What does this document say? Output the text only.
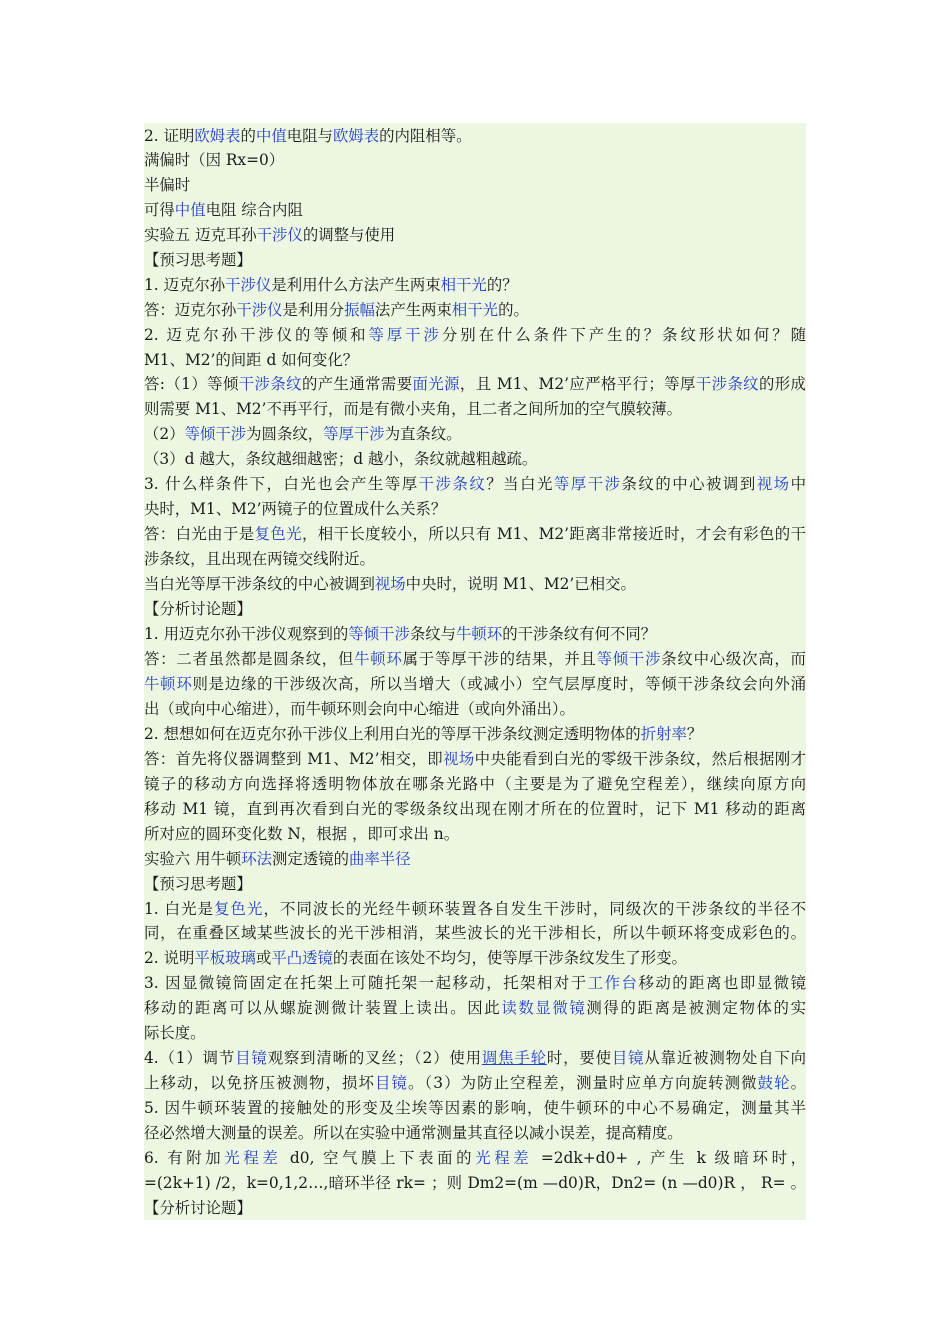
2. 证明欧姆表的中值电阻与欧姆表的内阻相等。
满偏时（因 Rx=0）
半偏时
可得中值电阻 综合内阻
实验五 迈克耳孙干涉仪的调整与使用
【预习思考题】
1. 迈克尔孙干涉仪是利用什么方法产生两束相干光的？
答：迈克尔孙干涉仪是利用分振幅法产生两束相干光的。
2. 迈克尔孙干涉仪的等倾和等厚干涉分别在什么条件下产生的？条纹形状如何？随
M1、M2’的间距 d 如何变化？
答:（1）等倾干涉条纹的产生通常需要面光源，且 M1、M2’应严格平行；等厚干涉条纹的形成
则需要 M1、M2’不再平行，而是有微小夹角，且二者之间所加的空气膜较薄。
（2）等倾干涉为圆条纹，等厚干涉为直条纹。
（3）d 越大，条纹越细越密；d 越小，条纹就越粗越疏。
3. 什么样条件下，白光也会产生等厚干涉条纹？当白光等厚干涉条纹的中心被调到视场中
央时，M1、M2’两镜子的位置成什么关系？
答：白光由于是复色光，相干长度较小，所以只有 M1、M2’距离非常接近时，才会有彩色的干
涉条纹，且出现在两镜交线附近。
当白光等厚干涉条纹的中心被调到视场中央时，说明 M1、M2’已相交。
【分析讨论题】
1. 用迈克尔孙干涉仪观察到的等倾干涉条纹与牛顿环的干涉条纹有何不同？
答：二者虽然都是圆条纹，但牛顿环属于等厚干涉的结果，并且等倾干涉条纹中心级次高，而
牛顿环则是边缘的干涉级次高，所以当增大（或减小）空气层厚度时，等倾干涉条纹会向外涌
出（或向中心缩进），而牛顿环则会向中心缩进（或向外涌出）。
2. 想想如何在迈克尔孙干涉仪上利用白光的等厚干涉条纹测定透明物体的折射率？
答：首先将仪器调整到 M1、M2’相交，即视场中央能看到白光的零级干涉条纹，然后根据刚才
镜子的移动方向选择将透明物体放在哪条光路中（主要是为了避免空程差），继续向原方向
移动 M1 镜，直到再次看到白光的零级条纹出现在刚才所在的位置时，记下 M1 移动的距离
所对应的圆环变化数 N，根据 ，即可求出 n。
实验六 用牛顿环法测定透镜的曲率半径
【预习思考题】
1. 白光是复色光，不同波长的光经牛顿环装置各自发生干涉时，同级次的干涉条纹的半径不
同，在重叠区域某些波长的光干涉相消，某些波长的光干涉相长，所以牛顿环将变成彩色的。
2. 说明平板玻璃或平凸透镜的表面在该处不均匀，使等厚干涉条纹发生了形变。
3. 因显微镜筒固定在托架上可随托架一起移动，托架相对于工作台移动的距离也即显微镜
移动的距离可以从螺旋测微计装置上读出。因此读数显微镜测得的距离是被测定物体的实
际长度。
4.（1）调节目镜观察到清晰的叉丝；（2）使用调焦手轮时，要使目镜从靠近被测物处自下向
上移动，以免挤压被测物，损坏目镜。（3）为防止空程差，测量时应单方向旋转测微鼓轮。
5. 因牛顿环装置的接触处的形变及尘埃等因素的影响，使牛顿环的中心不易确定，测量其半
径必然增大测量的误差。所以在实验中通常测量其直径以减小误差，提高精度。
6. 有附加光程差 d0, 空气膜上下表面的光程差 =2dk+d0+ , 产生 k 级暗环时，
=(2k+1) /2，k=0,1,2…,暗环半径 rk= ；则 Dm2=(m —d0)R，Dn2= (n —d0)R ， R= 。
【分析讨论题】
